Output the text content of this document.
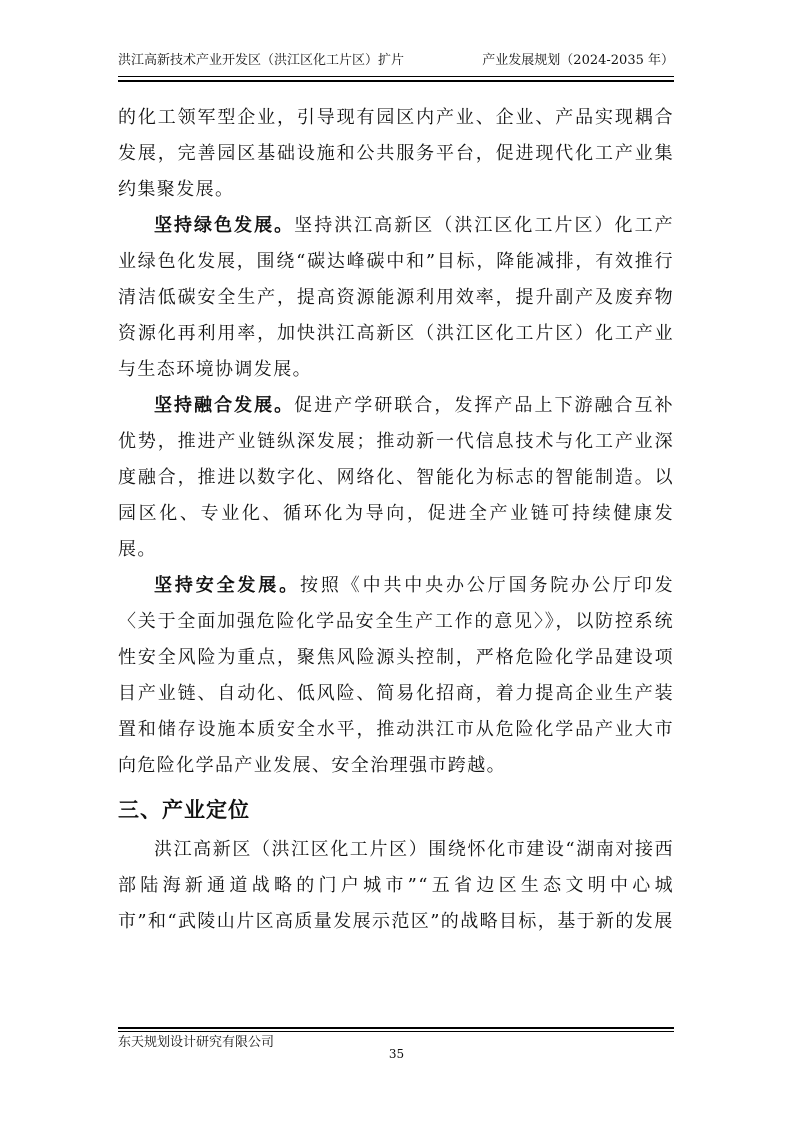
洪江高新技术产业开发区（洪江区化工片区）扩片	产业发展规划（2024-2035 年）

的化工领军型企业，引导现有园区内产业、企业、产品实现耦合发展，完善园区基础设施和公共服务平台，促进现代化工产业集约集聚发展。

坚持绿色发展。坚持洪江高新区（洪江区化工片区）化工产业绿色化发展，围绕“碳达峰碳中和”目标，降能减排，有效推行清洁低碳安全生产，提高资源能源利用效率，提升副产及废弃物资源化再利用率，加快洪江高新区（洪江区化工片区）化工产业与生态环境协调发展。

坚持融合发展。促进产学研联合，发挥产品上下游融合互补优势，推进产业链纵深发展；推动新一代信息技术与化工产业深度融合，推进以数字化、网络化、智能化为标志的智能制造。以园区化、专业化、循环化为导向，促进全产业链可持续健康发展。

坚持安全发展。按照《中共中央办公厅国务院办公厅印发〈关于全面加强危险化学品安全生产工作的意见〉》，以防控系统性安全风险为重点，聚焦风险源头控制，严格危险化学品建设项目产业链、自动化、低风险、简易化招商，着力提高企业生产装置和储存设施本质安全水平，推动洪江市从危险化学品产业大市向危险化学品产业发展、安全治理强市跨越。

三、产业定位

洪江高新区（洪江区化工片区）围绕怀化市建设“湖南对接西部陆海新通道战略的门户城市”“五省边区生态文明中心城市”和“武陵山片区高质量发展示范区”的战略目标，基于新的发展

东天规划设计研究有限公司
35
